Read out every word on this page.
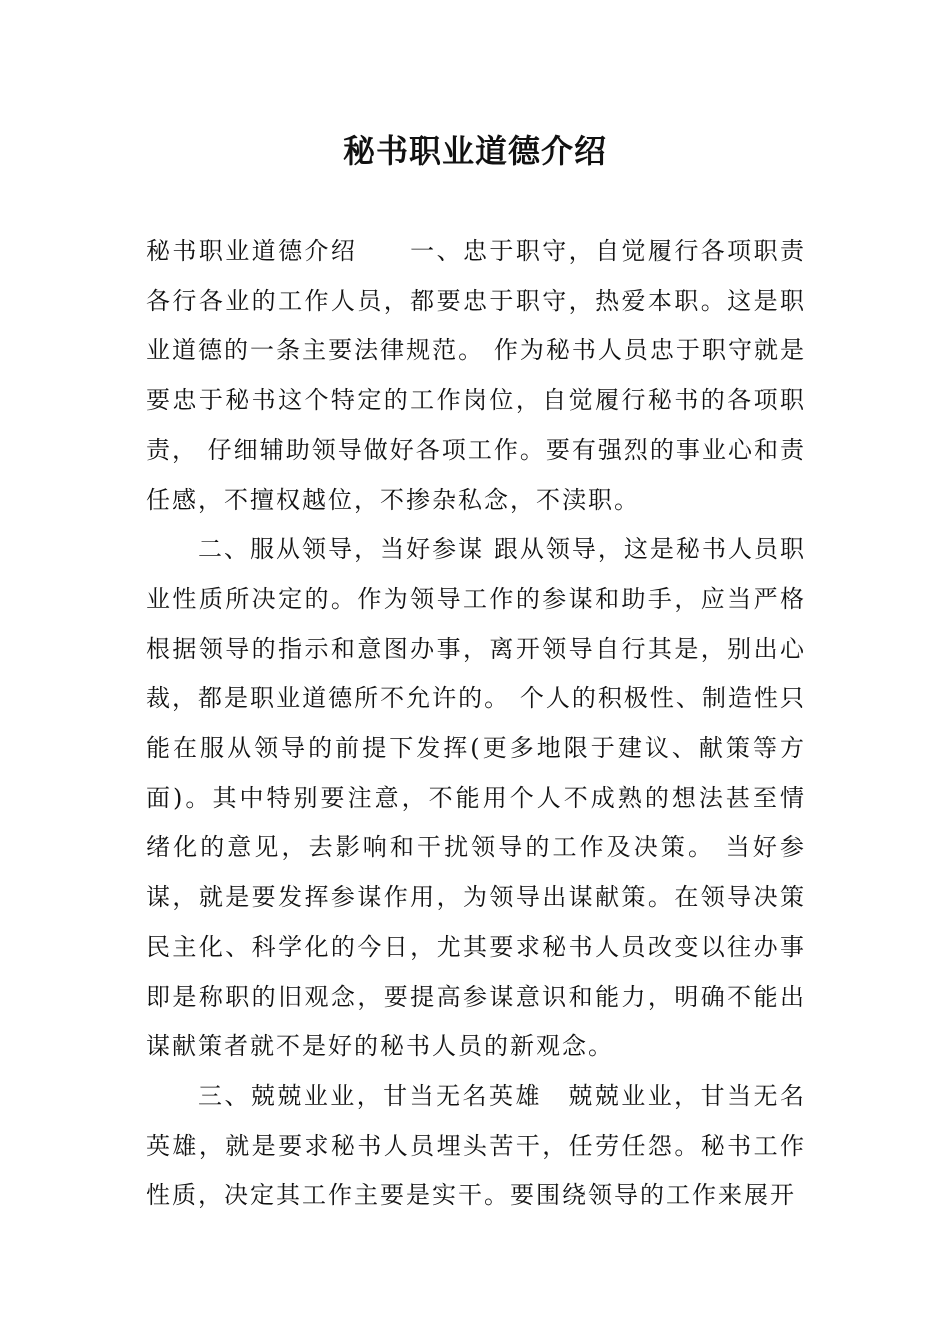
秘书职业道德介绍

秘书职业道德介绍　　一、忠于职守，自觉履行各项职责各行各业的工作人员，都要忠于职守，热爱本职。这是职业道德的一条主要法律规范。 作为秘书人员忠于职守就是要忠于秘书这个特定的工作岗位，自觉履行秘书的各项职责， 仔细辅助领导做好各项工作。要有强烈的事业心和责任感，不擅权越位，不掺杂私念，不渎职。

二、服从领导，当好参谋 跟从领导，这是秘书人员职业性质所决定的。作为领导工作的参谋和助手，应当严格根据领导的指示和意图办事，离开领导自行其是，别出心裁，都是职业道德所不允许的。 个人的积极性、制造性只能在服从领导的前提下发挥(更多地限于建议、献策等方面)。其中特别要注意，不能用个人不成熟的想法甚至情绪化的意见，去影响和干扰领导的工作及决策。 当好参谋，就是要发挥参谋作用，为领导出谋献策。在领导决策民主化、科学化的今日，尤其要求秘书人员改变以往办事即是称职的旧观念，要提高参谋意识和能力，明确不能出谋献策者就不是好的秘书人员的新观念。

三、兢兢业业，甘当无名英雄　兢兢业业，甘当无名英雄，就是要求秘书人员埋头苦干，任劳任怨。秘书工作性质，决定其工作主要是实干。要围绕领导的工作来展开
